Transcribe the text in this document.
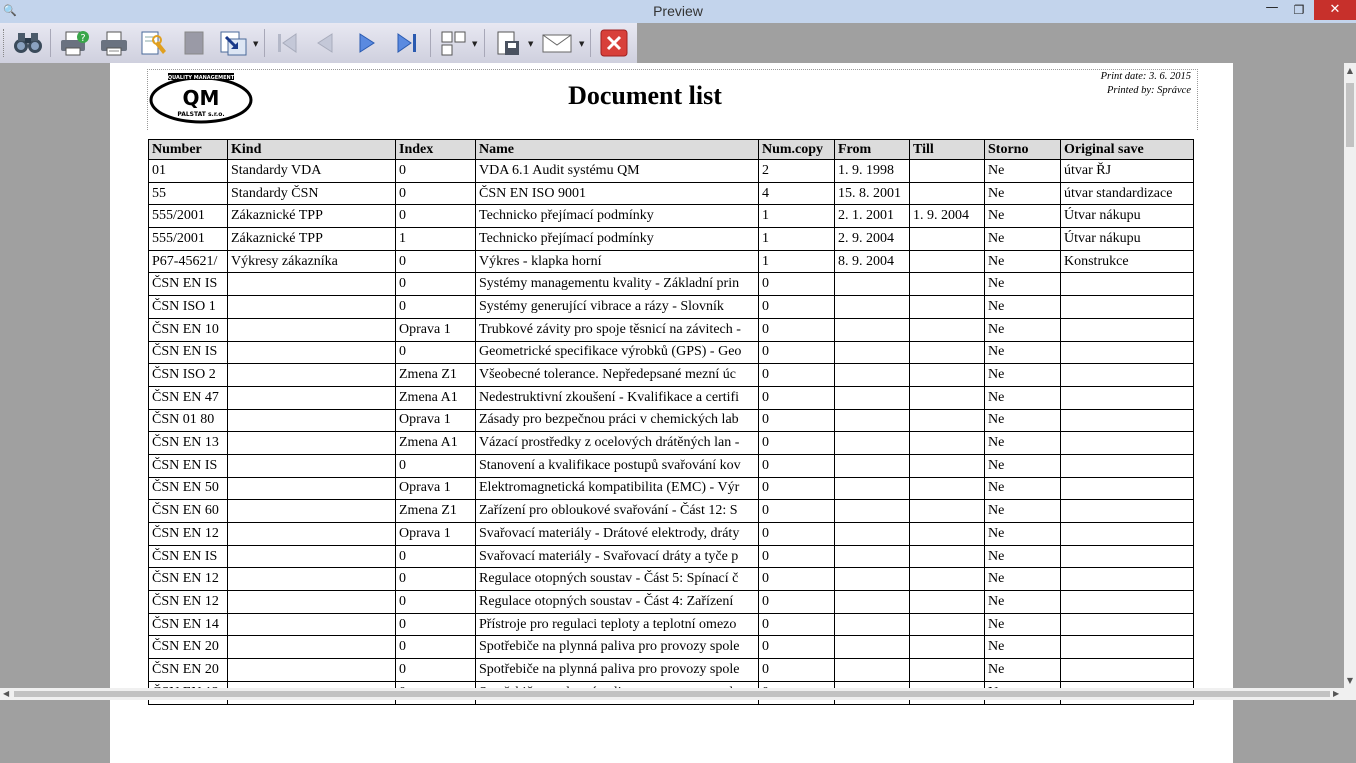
🔍	Preview	—	❐	✕
?	▼	▼	▼	▼
QUALITY MANAGEMENT
QM
PALSTAT s.r.o.
Document list
Print date: 3. 6. 2015
Printed by: Správce
Number	Kind	Index	Name	Num.copy	From	Till	Storno	Original save
01	Standardy VDA	0	VDA 6.1 Audit systému QM	2	1. 9. 1998		Ne	útvar ŘJ
55	Standardy ČSN	0	ČSN EN ISO 9001	4	15. 8. 2001		Ne	útvar standardizace
555/2001	Zákaznické TPP	0	Technicko přejímací podmínky	1	2. 1. 2001	1. 9. 2004	Ne	Útvar nákupu
555/2001	Zákaznické TPP	1	Technicko přejímací podmínky	1	2. 9. 2004		Ne	Útvar nákupu
P67-45621/	Výkresy zákazníka	0	Výkres - klapka horní	1	8. 9. 2004		Ne	Konstrukce
ČSN EN IS		0	Systémy managementu kvality - Základní prin	0			Ne	
ČSN ISO 1		0	Systémy generující vibrace a rázy - Slovník	0			Ne	
ČSN EN 10		Oprava 1	Trubkové závity pro spoje těsnicí na závitech -	0			Ne	
ČSN EN IS		0	Geometrické specifikace výrobků (GPS) - Geo	0			Ne	
ČSN ISO 2		Zmena Z1	Všeobecné tolerance. Nepředepsané mezní úc	0			Ne	
ČSN EN 47		Zmena A1	Nedestruktivní zkoušení - Kvalifikace a certifi	0			Ne	
ČSN 01 80		Oprava 1	Zásady pro bezpečnou práci v chemických lab	0			Ne	
ČSN EN 13		Zmena A1	Vázací prostředky z ocelových drátěných lan -	0			Ne	
ČSN EN IS		0	Stanovení a kvalifikace postupů svařování kov	0			Ne	
ČSN EN 50		Oprava 1	Elektromagnetická kompatibilita (EMC) - Výr	0			Ne	
ČSN EN 60		Zmena Z1	Zařízení pro obloukové svařování - Část 12: S	0			Ne	
ČSN EN 12		Oprava 1	Svařovací materiály - Drátové elektrody, dráty	0			Ne	
ČSN EN IS		0	Svařovací materiály - Svařovací dráty a tyče p	0			Ne	
ČSN EN 12		0	Regulace otopných soustav - Část 5: Spínací č	0			Ne	
ČSN EN 12		0	Regulace otopných soustav - Část 4: Zařízení	0			Ne	
ČSN EN 14		0	Přístroje pro regulaci teploty a teplotní omezo	0			Ne	
ČSN EN 20		0	Spotřebiče na plynná paliva pro provozy spole	0			Ne	
ČSN EN 20		0	Spotřebiče na plynná paliva pro provozy spole	0			Ne	

▲
▼
◀	▶
